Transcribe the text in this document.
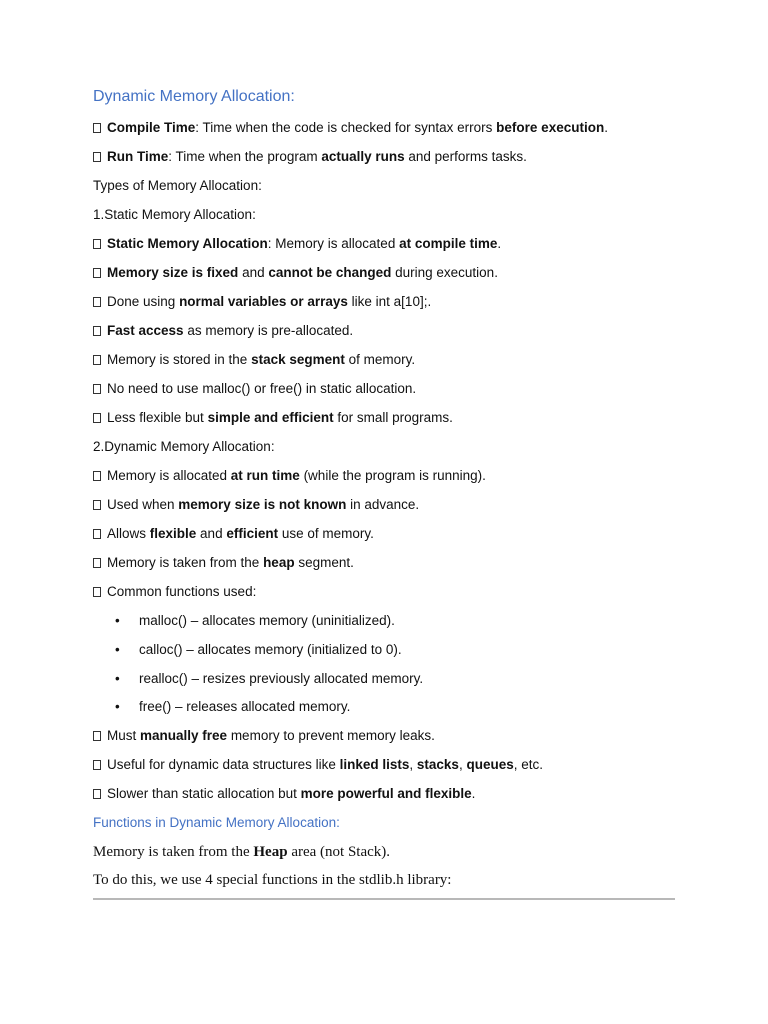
Dynamic Memory Allocation:
Compile Time: Time when the code is checked for syntax errors before execution.
Run Time: Time when the program actually runs and performs tasks.
Types of Memory Allocation:
1.Static Memory Allocation:
Static Memory Allocation: Memory is allocated at compile time.
Memory size is fixed and cannot be changed during execution.
Done using normal variables or arrays like int a[10];.
Fast access as memory is pre-allocated.
Memory is stored in the stack segment of memory.
No need to use malloc() or free() in static allocation.
Less flexible but simple and efficient for small programs.
2.Dynamic Memory Allocation:
Memory is allocated at run time (while the program is running).
Used when memory size is not known in advance.
Allows flexible and efficient use of memory.
Memory is taken from the heap segment.
Common functions used:
• malloc() – allocates memory (uninitialized).
• calloc() – allocates memory (initialized to 0).
• realloc() – resizes previously allocated memory.
• free() – releases allocated memory.
Must manually free memory to prevent memory leaks.
Useful for dynamic data structures like linked lists, stacks, queues, etc.
Slower than static allocation but more powerful and flexible.
Functions in Dynamic Memory Allocation:
Memory is taken from the Heap area (not Stack).
To do this, we use 4 special functions in the stdlib.h library:
